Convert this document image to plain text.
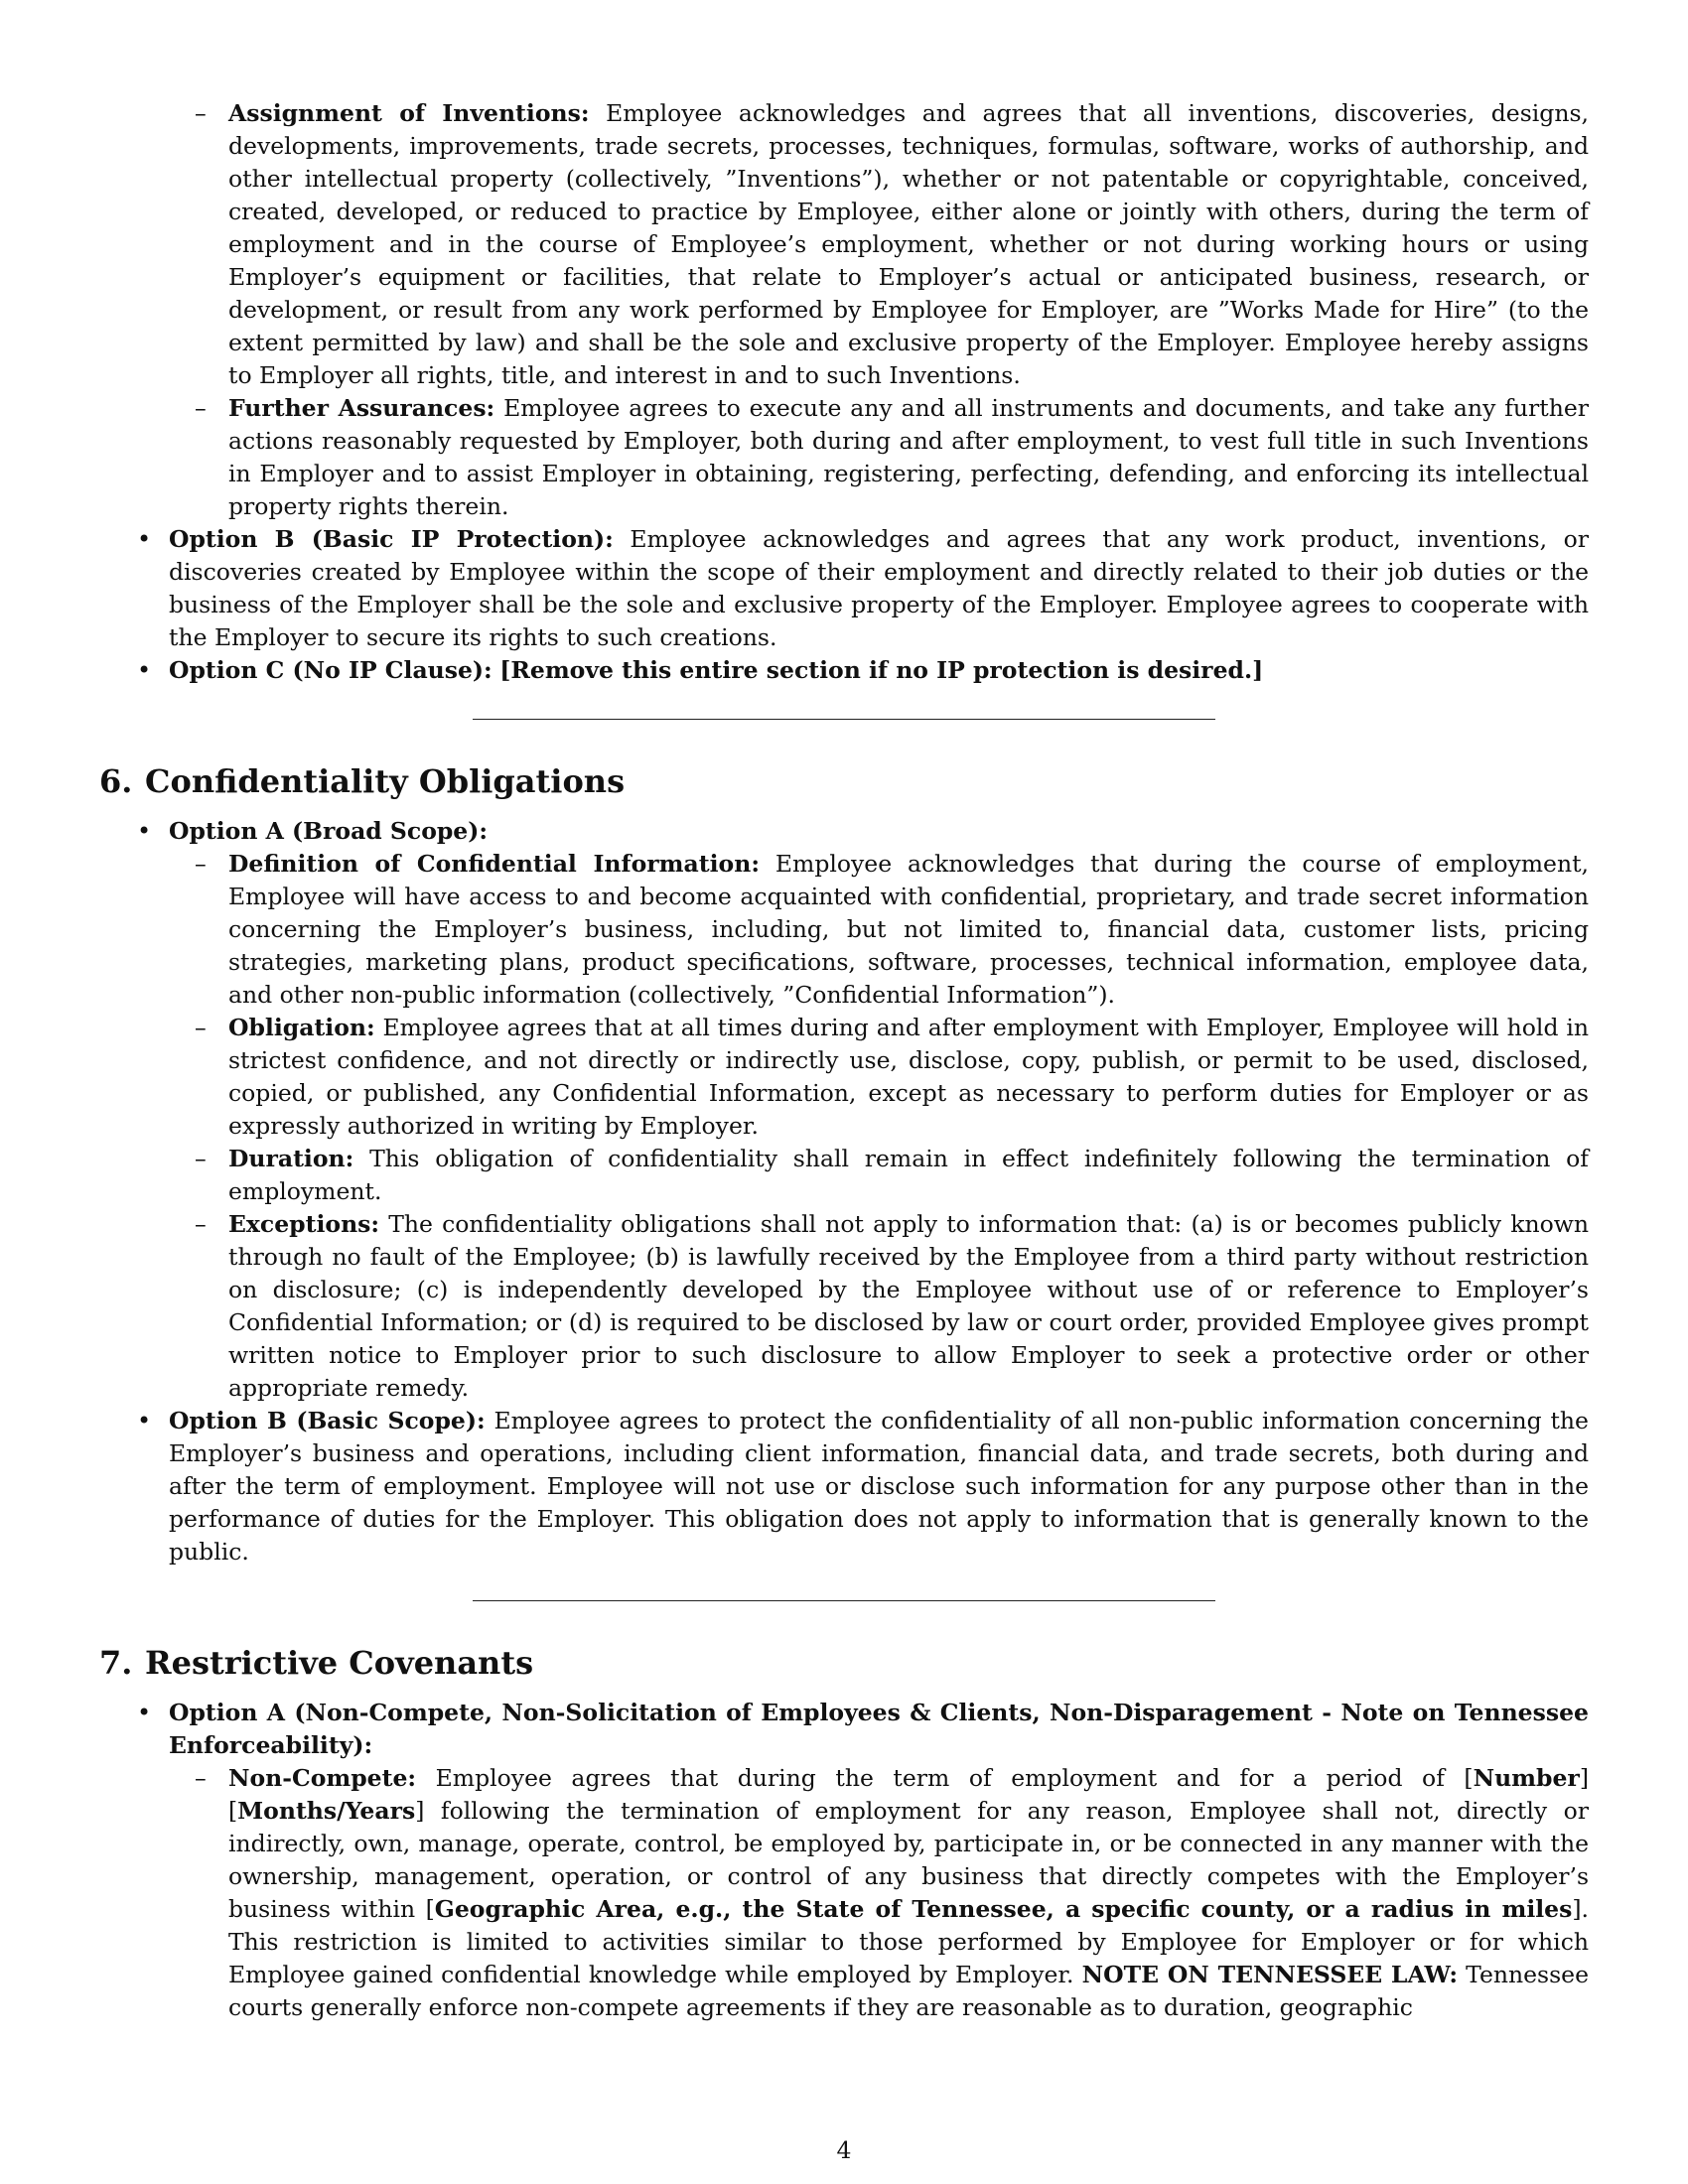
– Assignment of Inventions: Employee acknowledges and agrees that all inventions, discoveries, designs, developments, improvements, trade secrets, processes, techniques, formulas, software, works of authorship, and other intellectual property (collectively, ”Inventions”), whether or not patentable or copyrightable, conceived, created, developed, or reduced to practice by Employee, either alone or jointly with others, during the term of employment and in the course of Employee’s employment, whether or not during working hours or using Employer’s equipment or facilities, that relate to Employer’s actual or anticipated business, research, or development, or result from any work performed by Employee for Employer, are ”Works Made for Hire” (to the extent permitted by law) and shall be the sole and exclusive property of the Employer. Employee hereby assigns to Employer all rights, title, and interest in and to such Inventions.

– Further Assurances: Employee agrees to execute any and all instruments and documents, and take any further actions reasonably requested by Employer, both during and after employment, to vest full title in such Inventions in Employer and to assist Employer in obtaining, registering, perfecting, defending, and enforcing its intellectual property rights therein.

• Option B (Basic IP Protection): Employee acknowledges and agrees that any work product, inventions, or discoveries created by Employee within the scope of their employment and directly related to their job duties or the business of the Employer shall be the sole and exclusive property of the Employer. Employee agrees to cooperate with the Employer to secure its rights to such creations.

• Option C (No IP Clause): [Remove this entire section if no IP protection is desired.]

6. Confidentiality Obligations

• Option A (Broad Scope):

– Definition of Confidential Information: Employee acknowledges that during the course of employment, Employee will have access to and become acquainted with confidential, proprietary, and trade secret information concerning the Employer’s business, including, but not limited to, financial data, customer lists, pricing strategies, marketing plans, product specifications, software, processes, technical information, employee data, and other non-public information (collectively, ”Confidential Information”).

– Obligation: Employee agrees that at all times during and after employment with Employer, Employee will hold in strictest confidence, and not directly or indirectly use, disclose, copy, publish, or permit to be used, disclosed, copied, or published, any Confidential Information, except as necessary to perform duties for Employer or as expressly authorized in writing by Employer.

– Duration: This obligation of confidentiality shall remain in effect indefinitely following the termination of employment.

– Exceptions: The confidentiality obligations shall not apply to information that: (a) is or becomes publicly known through no fault of the Employee; (b) is lawfully received by the Employee from a third party without restriction on disclosure; (c) is independently developed by the Employee without use of or reference to Employer’s Confidential Information; or (d) is required to be disclosed by law or court order, provided Employee gives prompt written notice to Employer prior to such disclosure to allow Employer to seek a protective order or other appropriate remedy.

• Option B (Basic Scope): Employee agrees to protect the confidentiality of all non-public information concerning the Employer’s business and operations, including client information, financial data, and trade secrets, both during and after the term of employment. Employee will not use or disclose such information for any purpose other than in the performance of duties for the Employer. This obligation does not apply to information that is generally known to the public.

7. Restrictive Covenants

• Option A (Non-Compete, Non-Solicitation of Employees & Clients, Non-Disparagement - Note on Tennessee Enforceability):

– Non-Compete: Employee agrees that during the term of employment and for a period of [Number] [Months/Years] following the termination of employment for any reason, Employee shall not, directly or indirectly, own, manage, operate, control, be employed by, participate in, or be connected in any manner with the ownership, management, operation, or control of any business that directly competes with the Employer’s business within [Geographic Area, e.g., the State of Tennessee, a specific county, or a radius in miles]. This restriction is limited to activities similar to those performed by Employee for Employer or for which Employee gained confidential knowledge while employed by Employer. NOTE ON TENNESSEE LAW: Tennessee courts generally enforce non-compete agreements if they are reasonable as to duration, geographic

4
